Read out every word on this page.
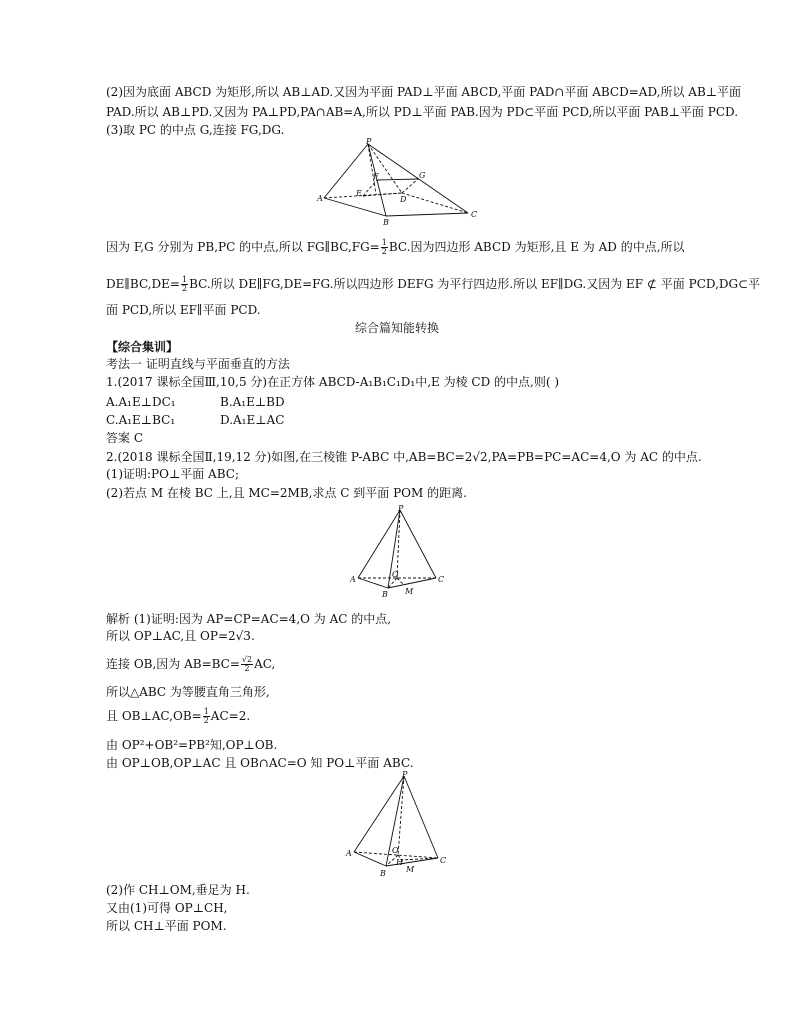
(2)因为底面 ABCD 为矩形,所以 AB⊥AD.又因为平面 PAD⊥平面 ABCD,平面 PAD∩平面 ABCD=AD,所以 AB⊥平面
PAD.所以 AB⊥PD.又因为 PA⊥PD,PA∩AB=A,所以 PD⊥平面 PAB.因为 PD⊂平面 PCD,所以平面 PAB⊥平面 PCD.
(3)取 PC 的中点 G,连接 FG,DG.
P
F	G
E
D
A
B
C
因为 F,G 分别为 PB,PC 的中点,所以 FG∥BC,FG= $\frac{1}{2}$ BC.因为四边形 ABCD 为矩形,且 E 为 AD 的中点,所以
DE∥BC,DE= $\frac{1}{2}$ BC.所以 DE∥FG,DE=FG.所以四边形 DEFG 为平行四边形.所以 EF∥DG.又因为 EF ⊄ 平面 PCD,DG⊂平
面 PCD,所以 EF∥平面 PCD.
综合篇知能转换
【综合集训】
考法一 证明直线与平面垂直的方法
1.(2017 课标全国Ⅲ,10,5 分)在正方体 ABCD-A₁B₁C₁D₁中,E 为棱 CD 的中点,则( )
A.A₁E⊥DC₁	B.A₁E⊥BD
C.A₁E⊥BC₁	D.A₁E⊥AC
答案 C
2.(2018 课标全国Ⅱ,19,12 分)如图,在三棱锥 P-ABC 中,AB=BC=2√2,PA=PB=PC=AC=4,O 为 AC 的中点.
(1)证明:PO⊥平面 ABC;
(2)若点 M 在棱 BC 上,且 MC=2MB,求点 C 到平面 POM 的距离.
P
A
O
C
B M
解析 (1)证明:因为 AP=CP=AC=4,O 为 AC 的中点,
所以 OP⊥AC,且 OP=2√3.
连接 OB,因为 $AB=BC= \frac{√2}{2}$ AC,
所以△ABC 为等腰直角三角形,
且 OB⊥AC,OB= $\frac{1}{2} AC=2$.
由 OP²+OB²=PB²知,OP⊥OB.
由 OP⊥OB,OP⊥AC 且 OB∩AC=O 知 PO⊥平面 ABC.
P
A	O
C
B
H
M
(2)作 CH⊥OM,垂足为 H.
又由(1)可得 OP⊥CH,
所以 CH⊥平面 POM.
